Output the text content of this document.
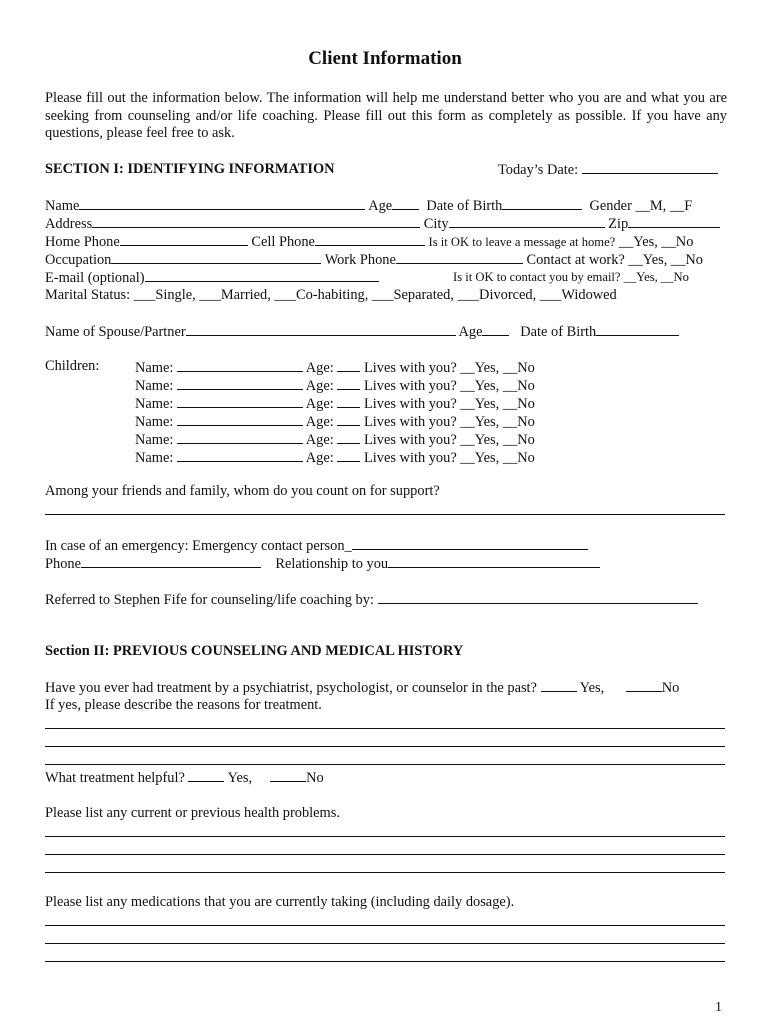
Client Information
Please fill out the information below. The information will help me understand better who you are and what you are seeking from counseling and/or life coaching. Please fill out this form as completely as possible. If you have any questions, please feel free to ask.
SECTION I: IDENTIFYING INFORMATION	Today’s Date:
Name	Age Date of Birth	Gender __M, __F
Address	City	Zip
Home Phone	Cell Phone	Is it OK to leave a message at home? __Yes, __No
Occupation	Work Phone	Contact at work? __Yes, __No
E-mail (optional)	Is it OK to contact you by email? __Yes, __No
Marital Status: ___Single, ___Married, ___Co-habiting, ___Separated, ___Divorced, ___Widowed
Name of Spouse/Partner	Age	Date of Birth
Children: Name:	Age: Lives with you? __Yes, __No
Name:	Age: Lives with you? __Yes, __No
Name:	Age: Lives with you? __Yes, __No
Name:	Age: Lives with you? __Yes, __No
Name:	Age: Lives with you? __Yes, __No
Name:	Age: Lives with you? __Yes, __No
Among your friends and family, whom do you count on for support?
In case of an emergency: Emergency contact person_
Phone	Relationship to you
Referred to Stephen Fife for counseling/life coaching by:
Section II: PREVIOUS COUNSELING AND MEDICAL HISTORY
Have you ever had treatment by a psychiatrist, psychologist, or counselor in the past?	Yes,	No
If yes, please describe the reasons for treatment.
What treatment helpful?	Yes,	No
Please list any current or previous health problems.
Please list any medications that you are currently taking (including daily dosage).
1
